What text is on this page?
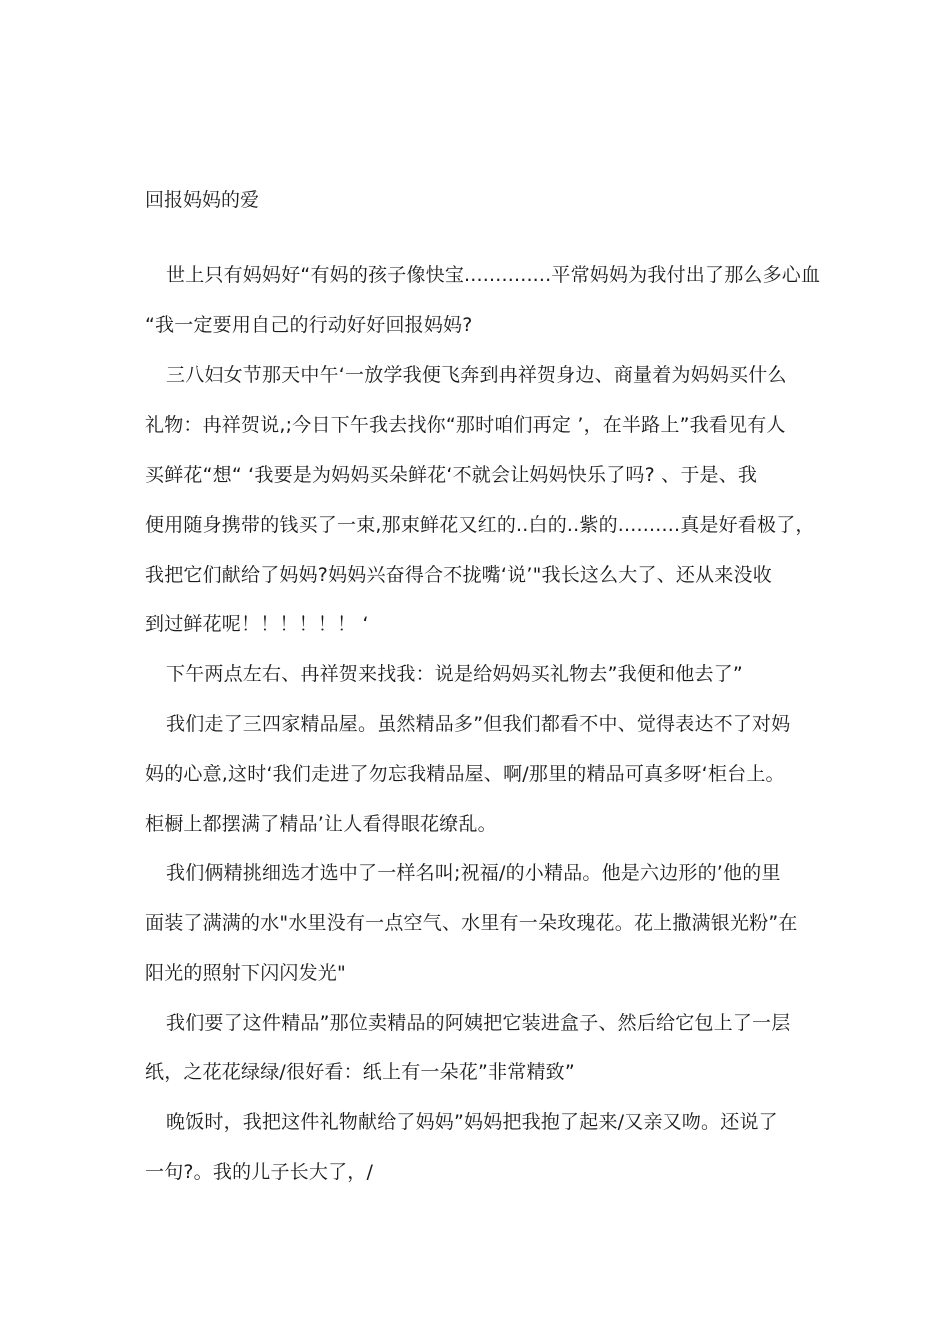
回报妈妈的爱
世上只有妈妈好“有妈的孩子像快宝..............平常妈妈为我付出了那么多心血
“我一定要用自己的行动好好回报妈妈?
三八妇女节那天中午‘一放学我便飞奔到冉祥贺身边、商量着为妈妈买什么
礼物：冉祥贺说,;今日下午我去找你“那时咱们再定 ’，在半路上”我看见有人
买鲜花“想“ ‘我要是为妈妈买朵鲜花‘不就会让妈妈快乐了吗? 、于是、我
便用随身携带的钱买了一束,那束鲜花又红的..白的..紫的..........真是好看极了，
我把它们献给了妈妈?妈妈兴奋得合不拢嘴‘说’"我长这么大了、还从来没收
到过鲜花呢！！！！！！ ‘
下午两点左右、冉祥贺来找我：说是给妈妈买礼物去”我便和他去了”
我们走了三四家精品屋。虽然精品多”但我们都看不中、觉得表达不了对妈
妈的心意,这时‘我们走进了勿忘我精品屋、啊/那里的精品可真多呀‘柜台上。
柜橱上都摆满了精品’让人看得眼花缭乱。
我们俩精挑细选才选中了一样名叫;祝福/的小精品。他是六边形的’他的里
面装了满满的水"水里没有一点空气、水里有一朵玫瑰花。花上撒满银光粉”在
阳光的照射下闪闪发光"
我们要了这件精品”那位卖精品的阿姨把它装进盒子、然后给它包上了一层
纸，之花花绿绿/很好看：纸上有一朵花”非常精致”
晚饭时，我把这件礼物献给了妈妈”妈妈把我抱了起来/又亲又吻。还说了
一句?。我的儿子长大了，/
